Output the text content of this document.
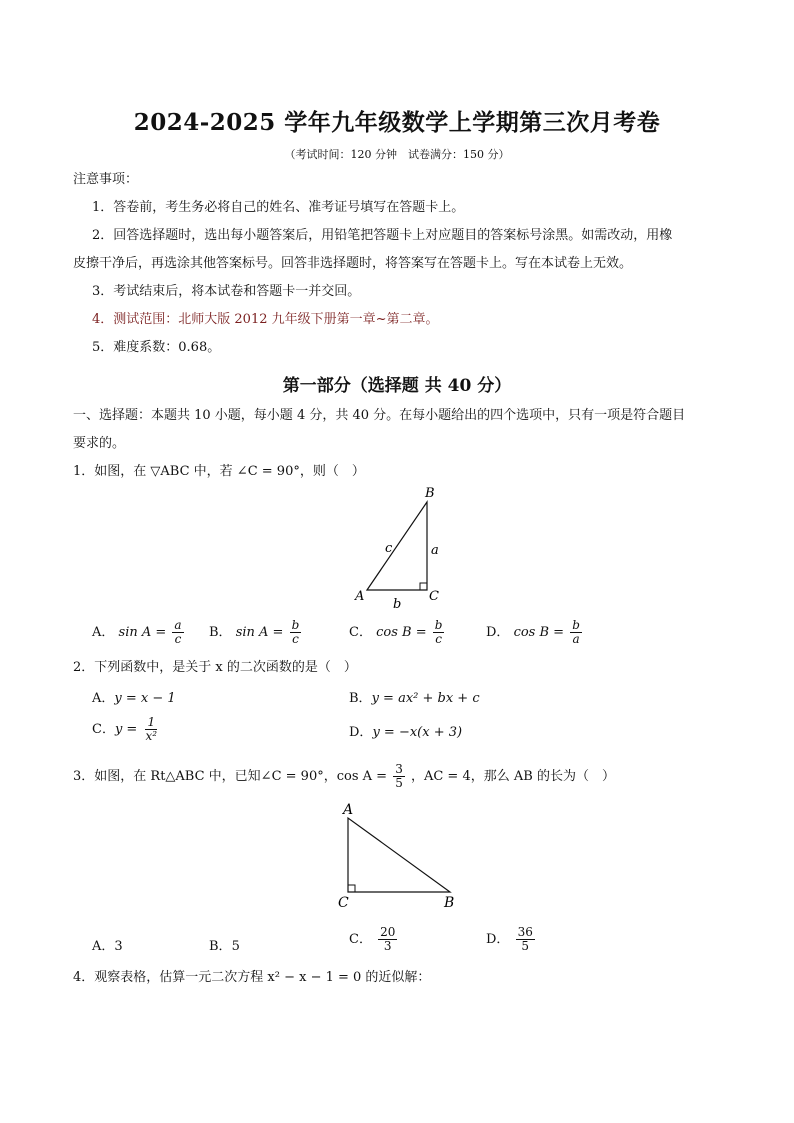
2024-2025 学年九年级数学上学期第三次月考卷
（考试时间：120 分钟　试卷满分：150 分）
注意事项：
1．答卷前，考生务必将自己的姓名、准考证号填写在答题卡上。
2．回答选择题时，选出每小题答案后，用铅笔把答题卡上对应题目的答案标号涂黑。如需改动，用橡
皮擦干净后，再选涂其他答案标号。回答非选择题时，将答案写在答题卡上。写在本试卷上无效。
3．考试结束后，将本试卷和答题卡一并交回。
4．测试范围：北师大版 2012 九年级下册第一章~第二章。
5．难度系数：0.68。
第一部分（选择题 共 40 分）
一、选择题：本题共 10 小题，每小题 4 分，共 40 分。在每小题给出的四个选项中，只有一项是符合题目
要求的。
1．如图，在 ▽ABC 中，若 ∠C = 90°，则（　）
B
A	C
a
b
c
A． $\sin A = \frac{a}{c}$ B． $\sin A = \frac{b}{c}$	C． $\cos B = \frac{b}{c}$	D． $\cos B = \frac{b}{a}$
2．下列函数中，是关于 x 的二次函数的是（　）
A．y = x − 1	B．y = ax² + bx + c
C．$y = \frac{1}{\text{x²}}$	D．y = −x(x + 3)
3．如图，在 Rt△ABC 中，已知∠C = 90°，$\cos A = \frac{3}{5}$ ，AC = 4，那么 AB 的长为（　）
A
C	B
A．3	B．5	C． $\frac{20}{3}$	D． $\frac{36}{5}$
4．观察表格，估算一元二次方程 x² − x − 1 = 0 的近似解：
